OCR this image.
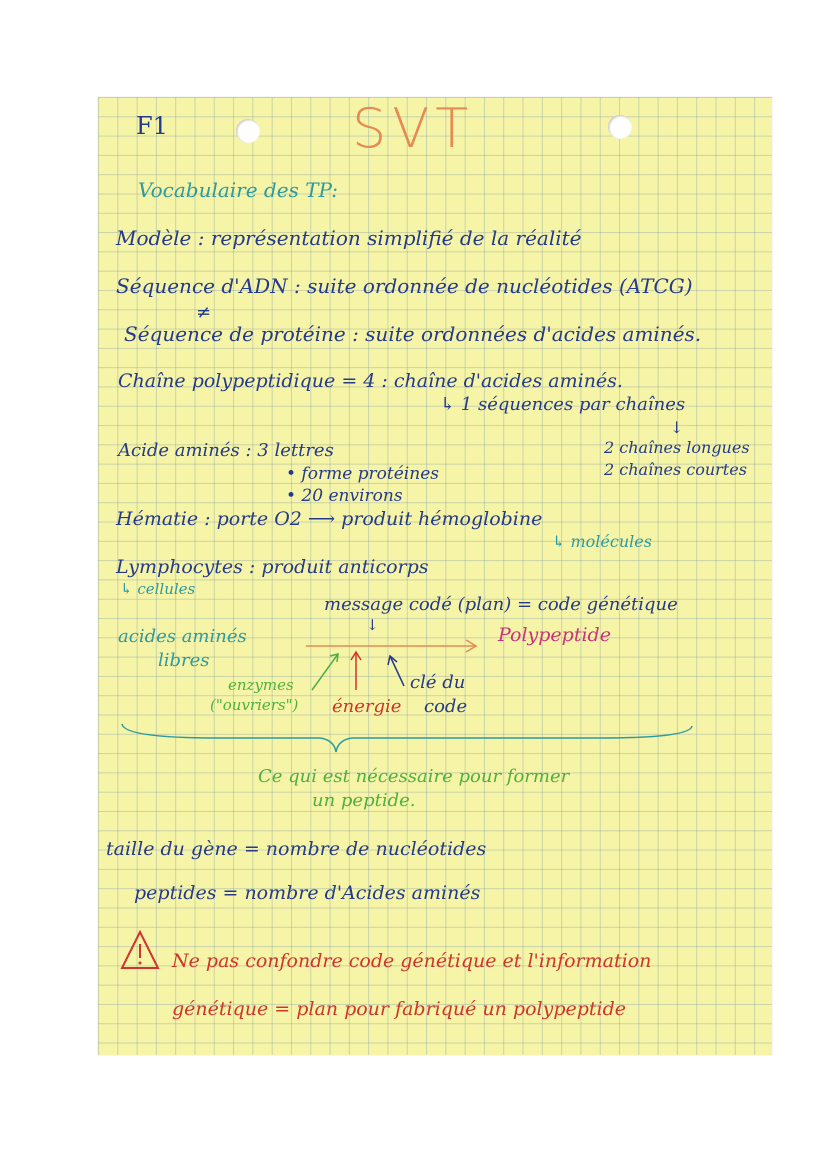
F1	SVT
Vocabulaire des TP:
Modèle : représentation simplifié de la réalité
Séquence d'ADN : suite ordonnée de nucléotides (ATCG)
≠
Séquence de protéine : suite ordonnées d'acides aminés.
Chaîne polypeptidique = 4 : chaîne d'acides aminés.
↳ 1 séquences par chaînes
↓
2 chaînes longues
2 chaînes courtes
Acide aminés : 3 lettres
• forme protéines
• 20 environs
Hématie : porte O2 ⟶ produit hémoglobine
↳ molécules
Lymphocytes : produit anticorps
↳ cellules
message codé (plan) = code génétique
↓
acides aminés
libres
Polypeptide
clé du
code
enzymes
("ouvriers") énergie
Ce qui est nécessaire pour former
un peptide.
taille du gène = nombre de nucléotides
peptides = nombre d'Acides aminés
Ne pas confondre code génétique et l'information
génétique = plan pour fabriqué un polypeptide
